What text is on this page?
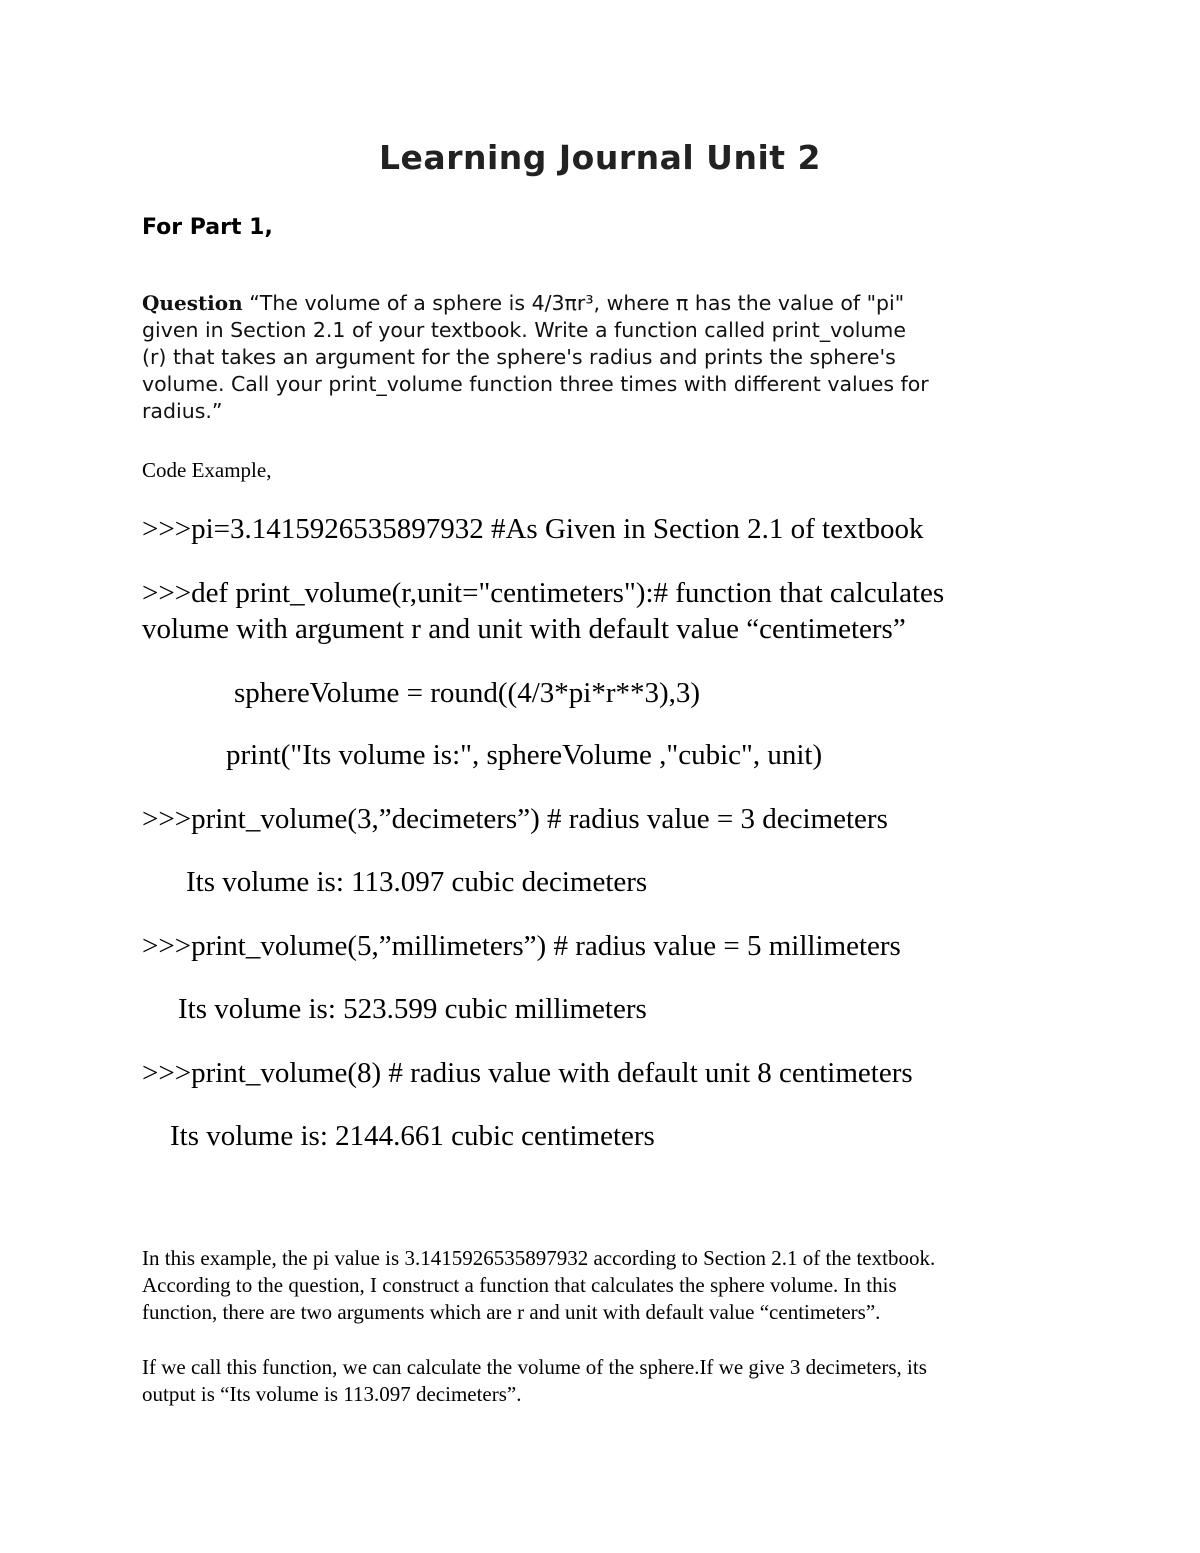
Learning Journal Unit 2
For Part 1,
Question “The volume of a sphere is 4/3πr³, where π has the value of "pi"
given in Section 2.1 of your textbook. Write a function called print_volume
(r) that takes an argument for the sphere's radius and prints the sphere's
volume. Call your print_volume function three times with different values for
radius.”
Code Example,
>>>pi=3.1415926535897932 #As Given in Section 2.1 of textbook
>>>def print_volume(r,unit="centimeters"):# function that calculates
volume with argument r and unit with default value “centimeters”
sphereVolume = round((4/3*pi*r**3),3)
print("Its volume is:", sphereVolume ,"cubic", unit)
>>>print_volume(3,”decimeters”) # radius value = 3 decimeters
Its volume is: 113.097 cubic decimeters
>>>print_volume(5,”millimeters”) # radius value = 5 millimeters
Its volume is: 523.599 cubic millimeters
>>>print_volume(8) # radius value with default unit 8 centimeters
Its volume is: 2144.661 cubic centimeters
In this example, the pi value is 3.1415926535897932 according to Section 2.1 of the textbook.
According to the question, I construct a function that calculates the sphere volume. In this
function, there are two arguments which are r and unit with default value “centimeters”.
If we call this function, we can calculate the volume of the sphere.If we give 3 decimeters, its
output is “Its volume is 113.097 decimeters”.
